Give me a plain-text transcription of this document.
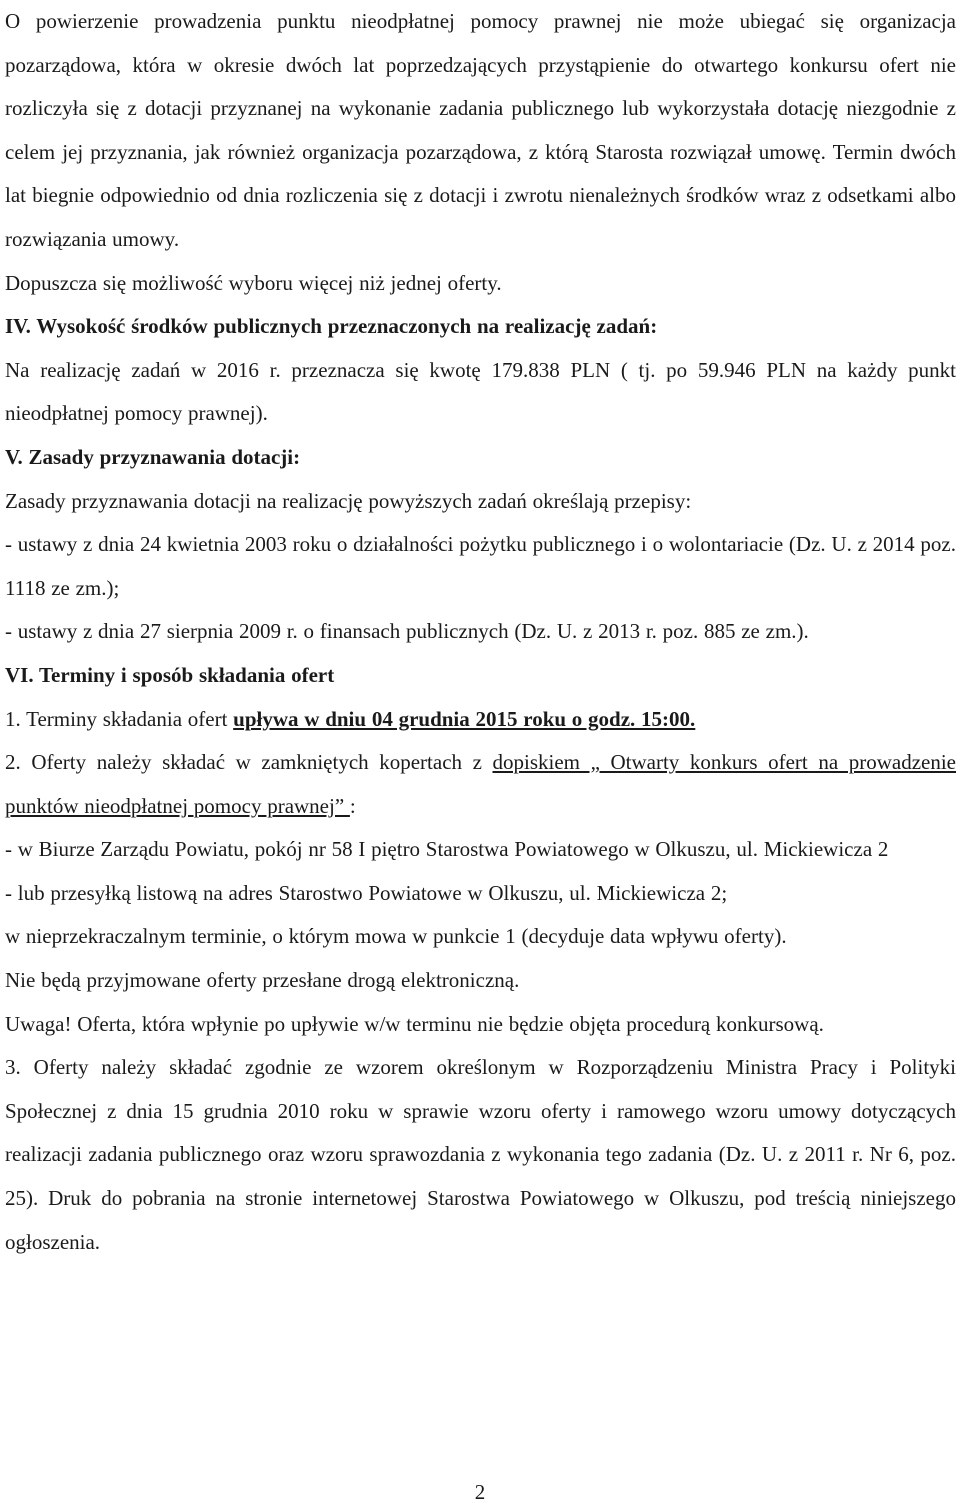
O powierzenie prowadzenia punktu nieodpłatnej pomocy prawnej nie może ubiegać się organizacja pozarządowa, która w okresie dwóch lat poprzedzających przystąpienie do otwartego konkursu ofert nie rozliczyła się z dotacji przyznanej na wykonanie zadania publicznego lub wykorzystała dotację niezgodnie z celem jej przyznania, jak również organizacja pozarządowa, z którą Starosta rozwiązał umowę. Termin dwóch lat biegnie odpowiednio od dnia rozliczenia się z dotacji i zwrotu nienależnych środków wraz z odsetkami albo rozwiązania umowy.

Dopuszcza się możliwość wyboru więcej niż jednej oferty.

IV. Wysokość środków publicznych przeznaczonych na realizację zadań:

Na realizację zadań w 2016 r. przeznacza się kwotę 179.838 PLN ( tj. po 59.946 PLN na każdy punkt nieodpłatnej pomocy prawnej).

V. Zasady przyznawania dotacji:

Zasady przyznawania dotacji na realizację powyższych zadań określają przepisy:

- ustawy z dnia 24 kwietnia 2003 roku o działalności pożytku publicznego i o wolontariacie (Dz. U. z 2014 poz. 1118 ze zm.);

- ustawy z dnia 27 sierpnia 2009 r. o finansach publicznych (Dz. U. z 2013 r. poz. 885 ze zm.).

VI. Terminy i sposób składania ofert

1. Terminy składania ofert upływa w dniu 04 grudnia 2015 roku o godz. 15:00.

2. Oferty należy składać w zamkniętych kopertach z dopiskiem „ Otwarty konkurs ofert na prowadzenie punktów nieodpłatnej pomocy prawnej” :

- w Biurze Zarządu Powiatu, pokój nr 58 I piętro Starostwa Powiatowego w Olkuszu, ul. Mickiewicza 2

- lub przesyłką listową na adres Starostwo Powiatowe w Olkuszu, ul. Mickiewicza 2;

w nieprzekraczalnym terminie, o którym mowa w punkcie 1 (decyduje data wpływu oferty).

Nie będą przyjmowane oferty przesłane drogą elektroniczną.

Uwaga! Oferta, która wpłynie po upływie w/w terminu nie będzie objęta procedurą konkursową.

3. Oferty należy składać zgodnie ze wzorem określonym w Rozporządzeniu Ministra Pracy i Polityki Społecznej z dnia 15 grudnia 2010 roku w sprawie wzoru oferty i ramowego wzoru umowy dotyczących realizacji zadania publicznego oraz wzoru sprawozdania z wykonania tego zadania (Dz. U. z 2011 r. Nr 6, poz. 25). Druk do pobrania na stronie internetowej Starostwa Powiatowego w Olkuszu, pod treścią niniejszego ogłoszenia.

2
